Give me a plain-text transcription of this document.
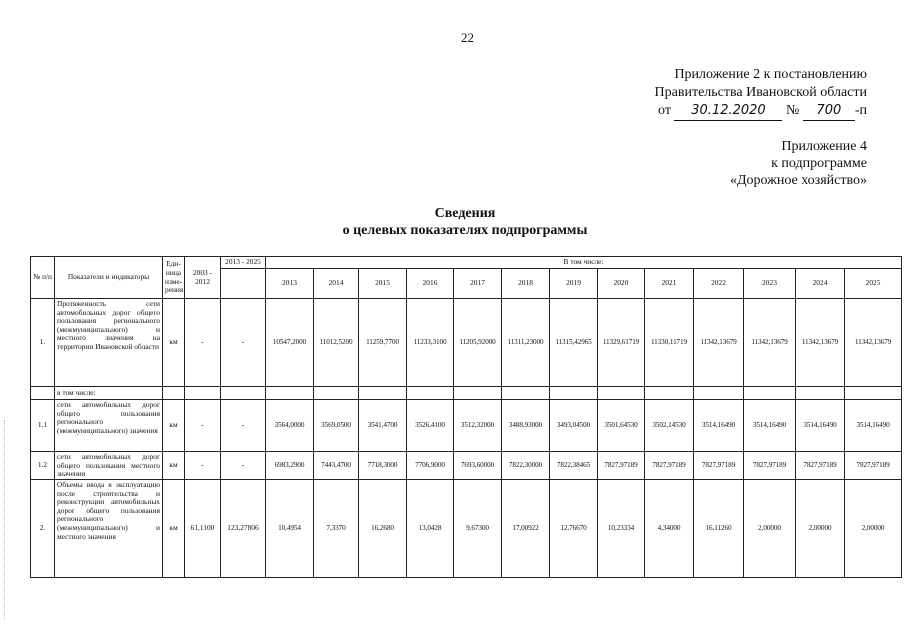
22
Приложение 2 к постановлению
Правительства Ивановской области
от 30.12.2020 № 700 -п
Приложение 4
к подпрограмме
«Дорожное хозяйство»
Сведения
о целевых показателях подпрограммы
№ п/п	Показатели и индикаторы	Еди-ница изме-рения	2003 - 2012	2013 - 2025	В том числе:												
					2013	2014	2015	2016	2017	2018	2019	2020	2021	2022	2023	2024	2025
1.	Протяженность сети автомобильных дорог общего пользования регионального (межмуниципального) и местного значения на территории Ивановской области	км	-	-	10547,2000	11012,5200	11259,7700	11233,3100	11205,92000	11311,23000	11315,42965	11329,61719	11330,11719	11342,13679	11342,13679	11342,13679	11342,13679
	в том числе:																
1.1	сети автомобильных дорог общего пользования регионального (межмуниципального) значения	км	-	-	3564,0000	3569,0500	3541,4700	3526,4100	3512,32000	3488,93000	3493,04500	3501,64530	3502,14530	3514,16490	3514,16490	3514,16490	3514,16490
1.2	сети автомобильных дорог общего пользования местного значения	км	-	-	6983,2900	7443,4700	7718,3000	7706,9000	7693,60000	7822,30000	7822,38465	7827,97189	7827,97189	7827,97189	7827,97189	7827,97189	7827,97189
2.	Объемы ввода в эксплуатацию после строительства и реконструкции автомобильных дорог общего пользования регионального (межмуниципального) и местного значения	км	61,1100	123,27806	10,4954	7,3370	16,2680	13,0428	9,67300	17,00922	12,76670	10,23334	4,34000	16,11260	2,00000	2,00000	2,00000
